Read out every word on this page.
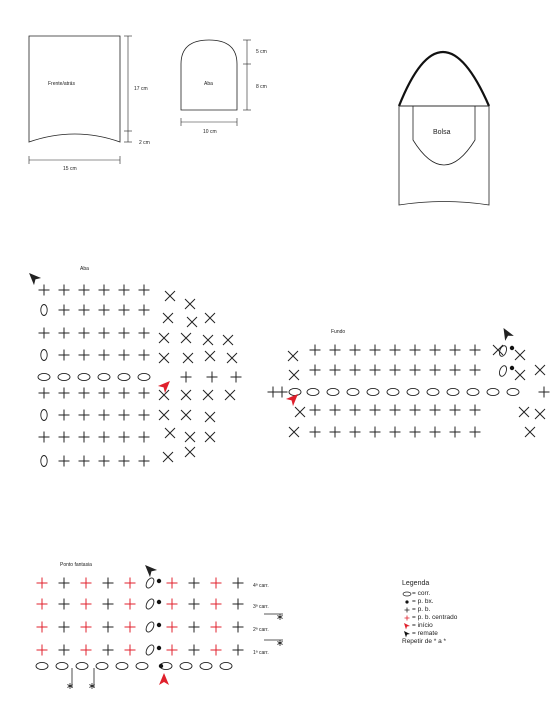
Frente/atrás
17 cm
2 cm
15 cm
Aba
5 cm
8 cm
10 cm	Bolsa
Aba
Fundo
Ponto fantasia
4ª carr.
3ª carr.
2ª carr.
1ª carr.
Legenda
= corr.
= p. bx.
= p. b.
= p. b. centrado
= início
= remate
Repetir de * a *
